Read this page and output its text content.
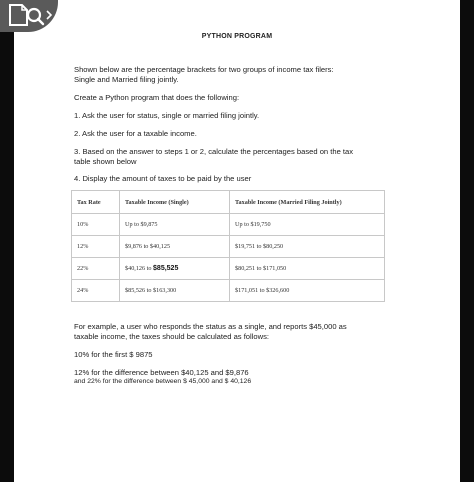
PYTHON PROGRAM
Shown below are the percentage brackets for two groups of income tax filers:
Single and Married filing jointly.
Create a Python program that does the following:
1. Ask the user for status, single or married filing jointly.
2. Ask the user for a taxable income.
3. Based on the answer to steps 1 or 2, calculate the percentages based on the tax
table shown below
4. Display the amount of taxes to be paid by the user
Tax Rate	Taxable Income (Single)	Taxable Income (Married Filing Jointly)
10%	Up to $9,875	Up to $19,750
12%	$9,876 to $40,125	$19,751 to $80,250
22%	$40,126 to $85,525	$80,251 to $171,050
24%	$85,526 to $163,300	$171,051 to $326,600
For example, a user who responds the status as a single, and reports $45,000 as
taxable income, the taxes should be calculated as follows:
10% for the first $ 9875
12% for the difference between $40,125 and $9,876
and 22% for the difference between $ 45,000 and $ 40,126
